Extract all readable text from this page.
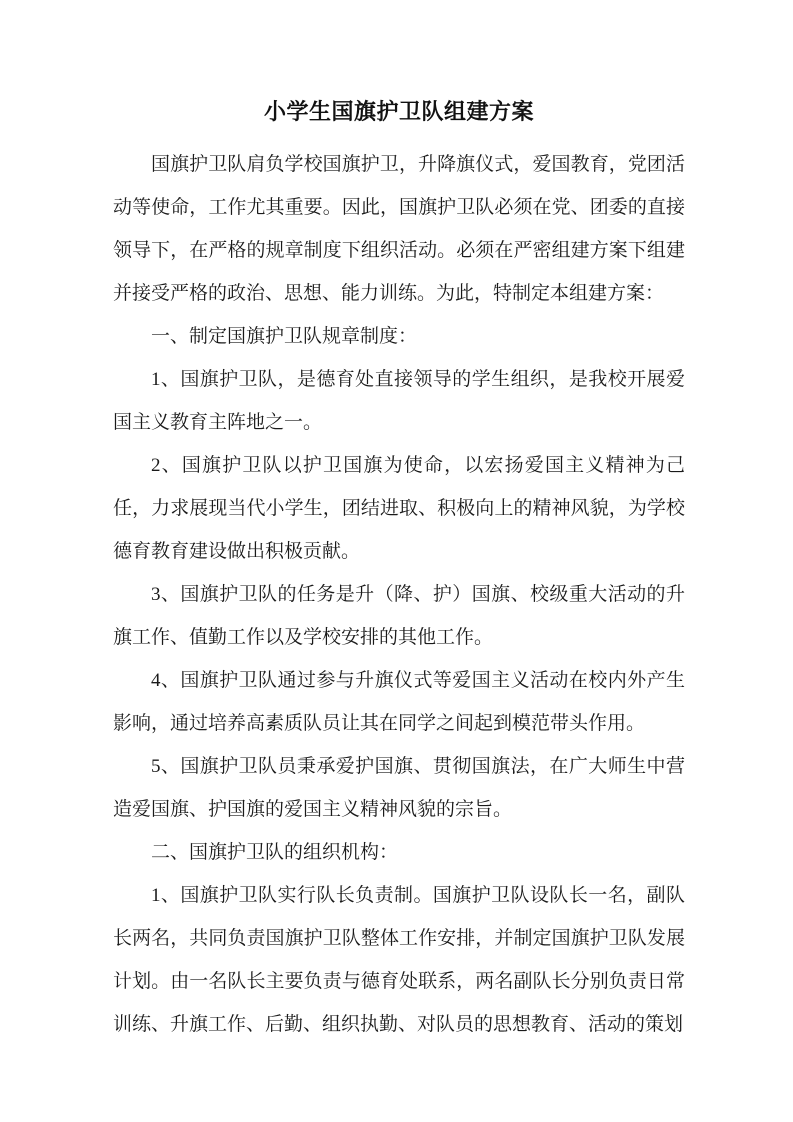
小学生国旗护卫队组建方案

国旗护卫队肩负学校国旗护卫，升降旗仪式，爱国教育，党团活动等使命，工作尤其重要。因此，国旗护卫队必须在党、团委的直接领导下，在严格的规章制度下组织活动。必须在严密组建方案下组建并接受严格的政治、思想、能力训练。为此，特制定本组建方案：

一、制定国旗护卫队规章制度：

1、国旗护卫队，是德育处直接领导的学生组织，是我校开展爱国主义教育主阵地之一。

2、国旗护卫队以护卫国旗为使命，以宏扬爱国主义精神为己任，力求展现当代小学生，团结进取、积极向上的精神风貌，为学校德育教育建设做出积极贡献。

3、国旗护卫队的任务是升（降、护）国旗、校级重大活动的升旗工作、值勤工作以及学校安排的其他工作。

4、国旗护卫队通过参与升旗仪式等爱国主义活动在校内外产生影响，通过培养高素质队员让其在同学之间起到模范带头作用。

5、国旗护卫队员秉承爱护国旗、贯彻国旗法，在广大师生中营造爱国旗、护国旗的爱国主义精神风貌的宗旨。

二、国旗护卫队的组织机构：

1、国旗护卫队实行队长负责制。国旗护卫队设队长一名，副队长两名，共同负责国旗护卫队整体工作安排，并制定国旗护卫队发展计划。由一名队长主要负责与德育处联系，两名副队长分别负责日常训练、升旗工作、后勤、组织执勤、对队员的思想教育、活动的策划
